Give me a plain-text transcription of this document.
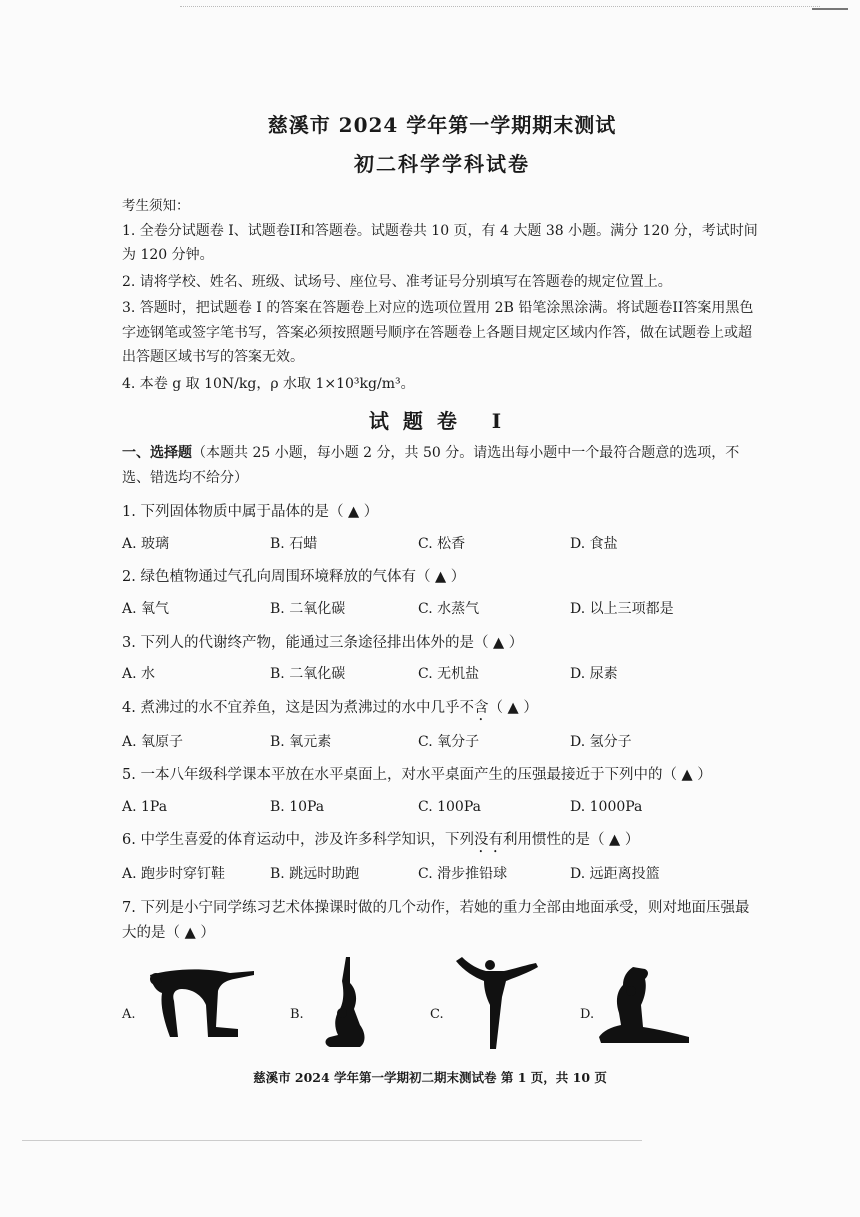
慈溪市 2024 学年第一学期期末测试

初二科学学科试卷

考生须知：

1. 全卷分试题卷 I、试题卷II和答题卷。试题卷共 10 页，有 4 大题 38 小题。满分 120 分，考试时间为 120 分钟。

2. 请将学校、姓名、班级、试场号、座位号、准考证号分别填写在答题卷的规定位置上。

3. 答题时，把试题卷 I 的答案在答题卷上对应的选项位置用 2B 铅笔涂黑涂满。将试题卷II答案用黑色字迹钢笔或签字笔书写，答案必须按照题号顺序在答题卷上各题目规定区域内作答，做在试题卷上或超出答题区域书写的答案无效。

4. 本卷 g 取 10N/kg，ρ 水取 1×10³kg/m³。

试题卷 I

一、选择题（本题共 25 小题，每小题 2 分，共 50 分。请选出每小题中一个最符合题意的选项，不选、错选均不给分）

1. 下列固体物质中属于晶体的是（ ▲ ）

A. 玻璃	B. 石蜡	C. 松香	D. 食盐

2. 绿色植物通过气孔向周围环境释放的气体有（ ▲ ）

A. 氧气	B. 二氧化碳	C. 水蒸气	D. 以上三项都是

3. 下列人的代谢终产物，能通过三条途径排出体外的是（ ▲ ）

A. 水	B. 二氧化碳	C. 无机盐	D. 尿素

4. 煮沸过的水不宜养鱼，这是因为煮沸过的水中几乎不含（ ▲ ）

A. 氧原子	B. 氧元素	C. 氧分子	D. 氢分子

5. 一本八年级科学课本平放在水平桌面上，对水平桌面产生的压强最接近于下列中的（ ▲ ）

A. 1Pa	B. 10Pa	C. 100Pa	D. 1000Pa

6. 中学生喜爱的体育运动中，涉及许多科学知识，下列没有利用惯性的是（ ▲ ）

A. 跑步时穿钉鞋	B. 跳远时助跑	C. 滑步推铅球	D. 远距离投篮

7. 下列是小宁同学练习艺术体操课时做的几个动作，若她的重力全部由地面承受，则对地面压强最大的是（ ▲ ）

A.	B.	C.	D.
慈溪市 2024 学年第一学期初二期末测试卷 第 1 页，共 10 页
